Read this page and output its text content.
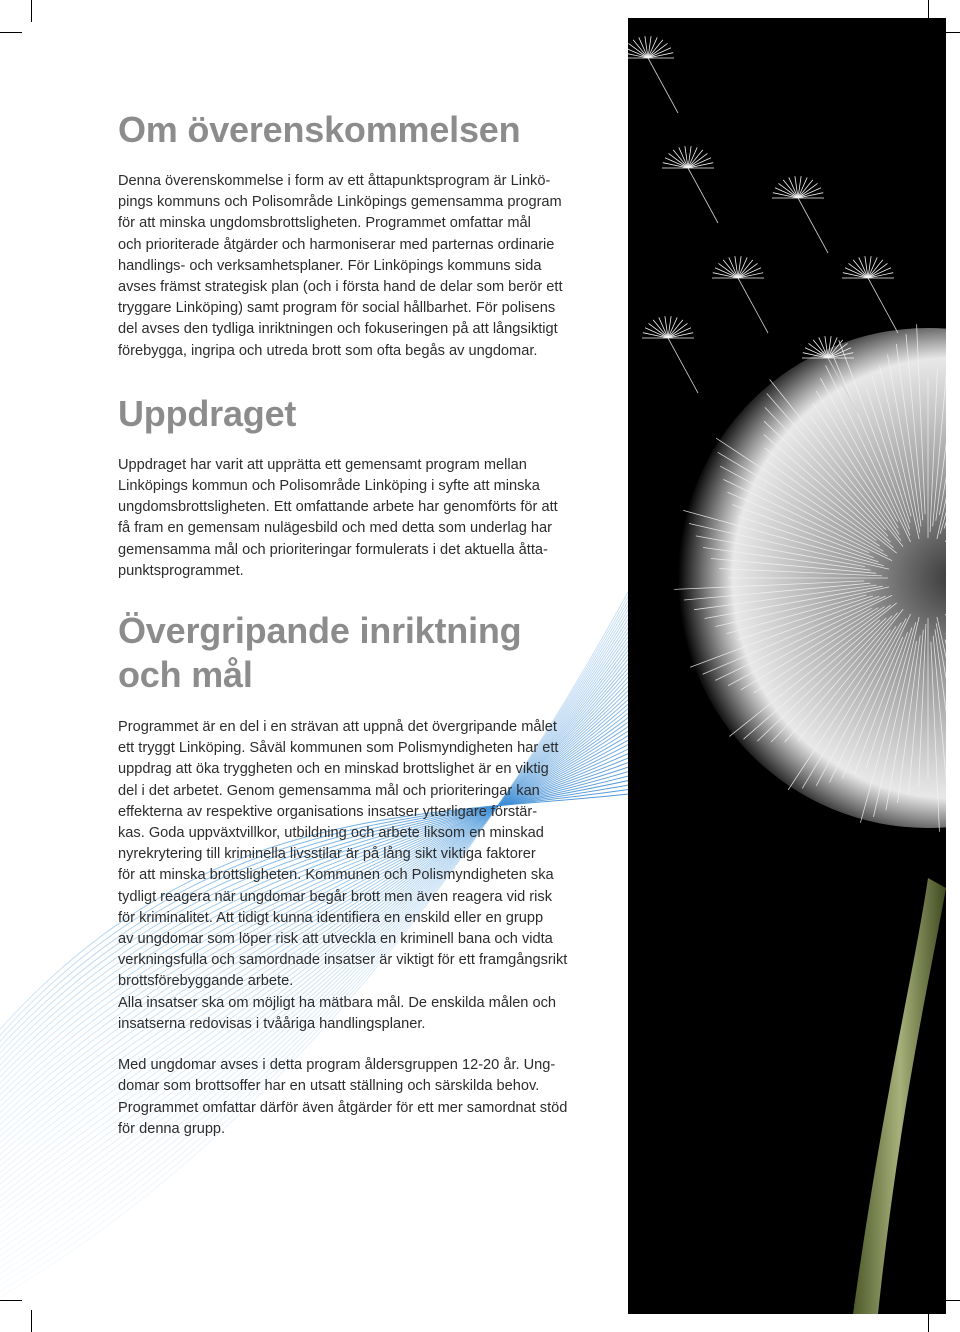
Om överenskommelsen

Denna överenskommelse i form av ett åttapunktsprogram är Linkö-
pings kommuns och Polisområde Linköpings gemensamma program
för att minska ungdomsbrottsligheten. Programmet omfattar mål
och prioriterade åtgärder och harmoniserar med parternas ordinarie
handlings- och verksamhetsplaner. För Linköpings kommuns sida
avses främst strategisk plan (och i första hand de delar som berör ett
tryggare Linköping) samt program för social hållbarhet. För polisens
del avses den tydliga inriktningen och fokuseringen på att långsiktigt
förebygga, ingripa och utreda brott som ofta begås av ungdomar.

Uppdraget

Uppdraget har varit att upprätta ett gemensamt program mellan
Linköpings kommun och Polisområde Linköping i syfte att minska
ungdomsbrottsligheten. Ett omfattande arbete har genomförts för att
få fram en gemensam nulägesbild och med detta som underlag har
gemensamma mål och prioriteringar formulerats i det aktuella åtta-
punktsprogrammet.

Övergripande inriktning
och mål

Programmet är en del i en strävan att uppnå det övergripande målet
ett tryggt Linköping. Såväl kommunen som Polismyndigheten har ett
uppdrag att öka tryggheten och en minskad brottslighet är en viktig
del i det arbetet. Genom gemensamma mål och prioriteringar kan
effekterna av respektive organisations insatser ytterligare förstär-
kas. Goda uppväxtvillkor, utbildning och arbete liksom en minskad
nyrekrytering till kriminella livsstilar är på lång sikt viktiga faktorer
för att minska brottsligheten. Kommunen och Polismyndigheten ska
tydligt reagera när ungdomar begår brott men även reagera vid risk
för kriminalitet. Att tidigt kunna identifiera en enskild eller en grupp
av ungdomar som löper risk att utveckla en kriminell bana och vidta
verkningsfulla och samordnade insatser är viktigt för ett framgångsrikt
brottsförebyggande arbete.
Alla insatser ska om möjligt ha mätbara mål. De enskilda målen och
insatserna redovisas i tvååriga handlingsplaner.

Med ungdomar avses i detta program åldersgruppen 12-20 år. Ung-
domar som brottsoffer har en utsatt ställning och särskilda behov.
Programmet omfattar därför även åtgärder för ett mer samordnat stöd
för denna grupp.
